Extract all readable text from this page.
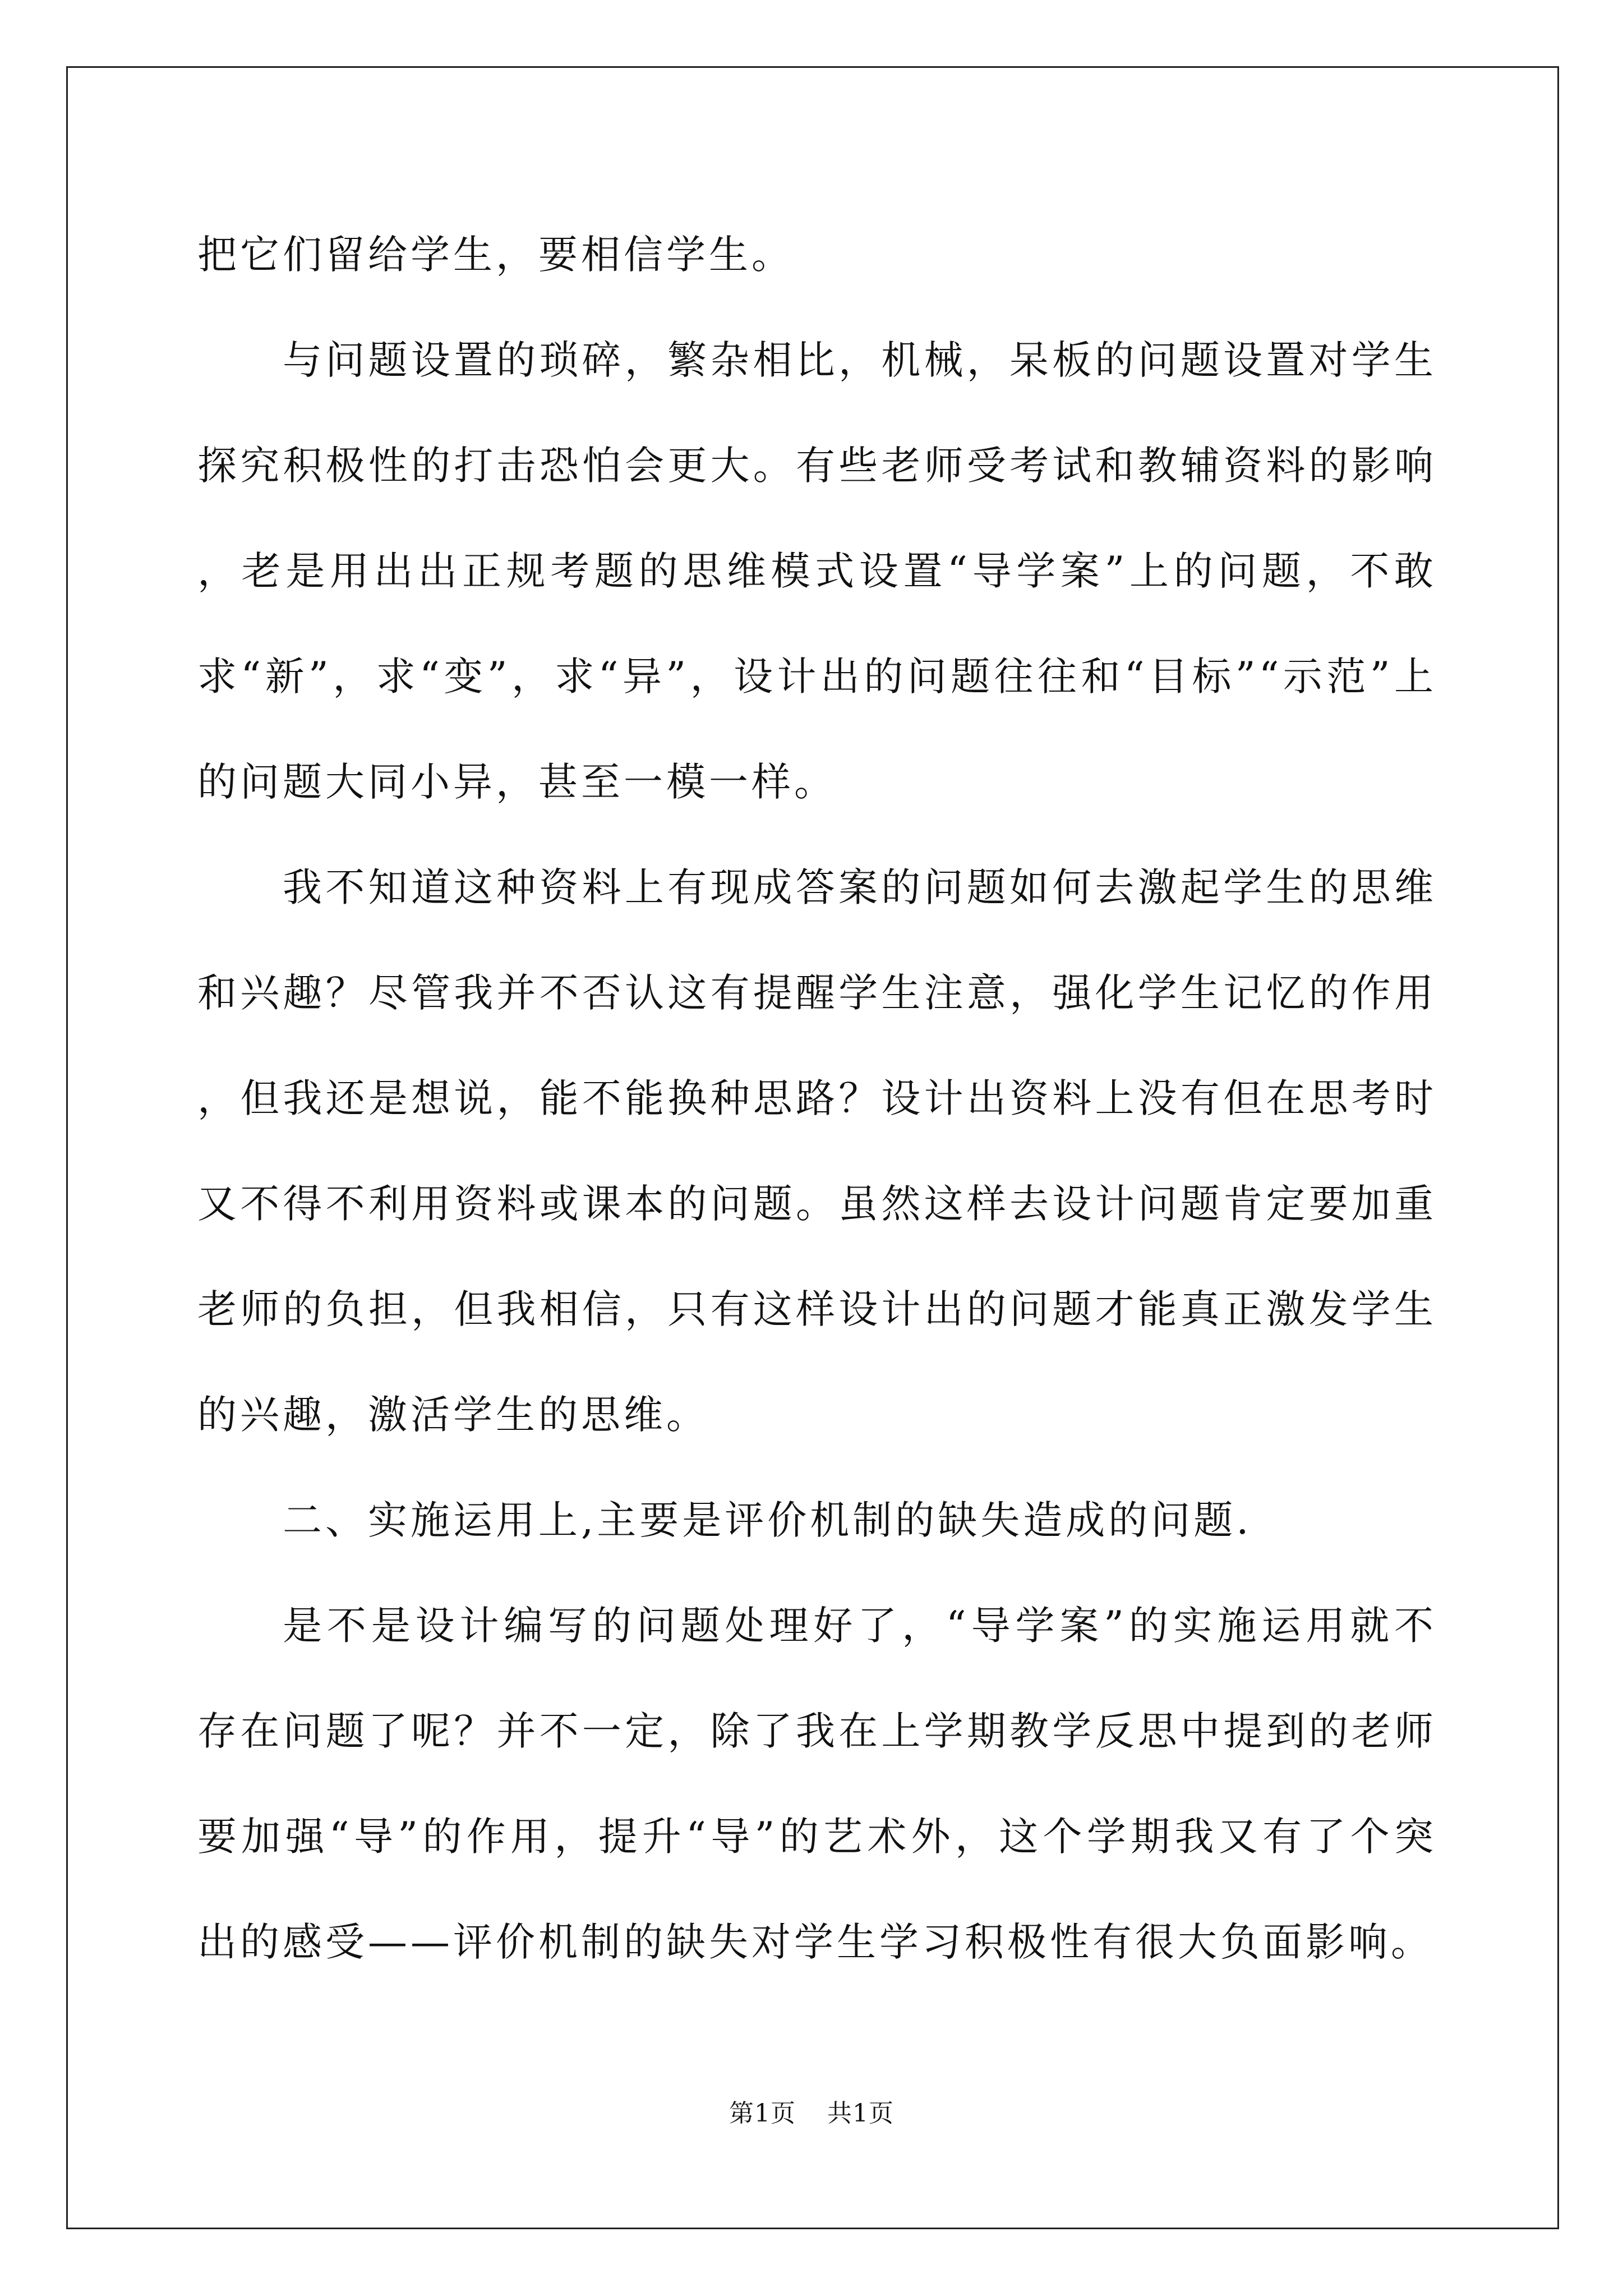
把它们留给学生，要相信学生。

与问题设置的琐碎，繁杂相比，机械，呆板的问题设置对学生探究积极性的打击恐怕会更大。有些老师受考试和教辅资料的影响，老是用出出正规考题的思维模式设置“导学案”上的问题，不敢求“新”，求“变”，求“异”，设计出的问题往往和“目标”“示范”上的问题大同小异，甚至一模一样。

我不知道这种资料上有现成答案的问题如何去激起学生的思维和兴趣？尽管我并不否认这有提醒学生注意，强化学生记忆的作用，但我还是想说，能不能换种思路？设计出资料上没有但在思考时又不得不利用资料或课本的问题。虽然这样去设计问题肯定要加重老师的负担，但我相信，只有这样设计出的问题才能真正激发学生的兴趣，激活学生的思维。

二、实施运用上,主要是评价机制的缺失造成的问题.

是不是设计编写的问题处理好了，“导学案”的实施运用就不存在问题了呢？并不一定，除了我在上学期教学反思中提到的老师要加强“导”的作用，提升“导”的艺术外，这个学期我又有了个突出的感受——评价机制的缺失对学生学习积极性有很大负面影响。

第1页 共1页
